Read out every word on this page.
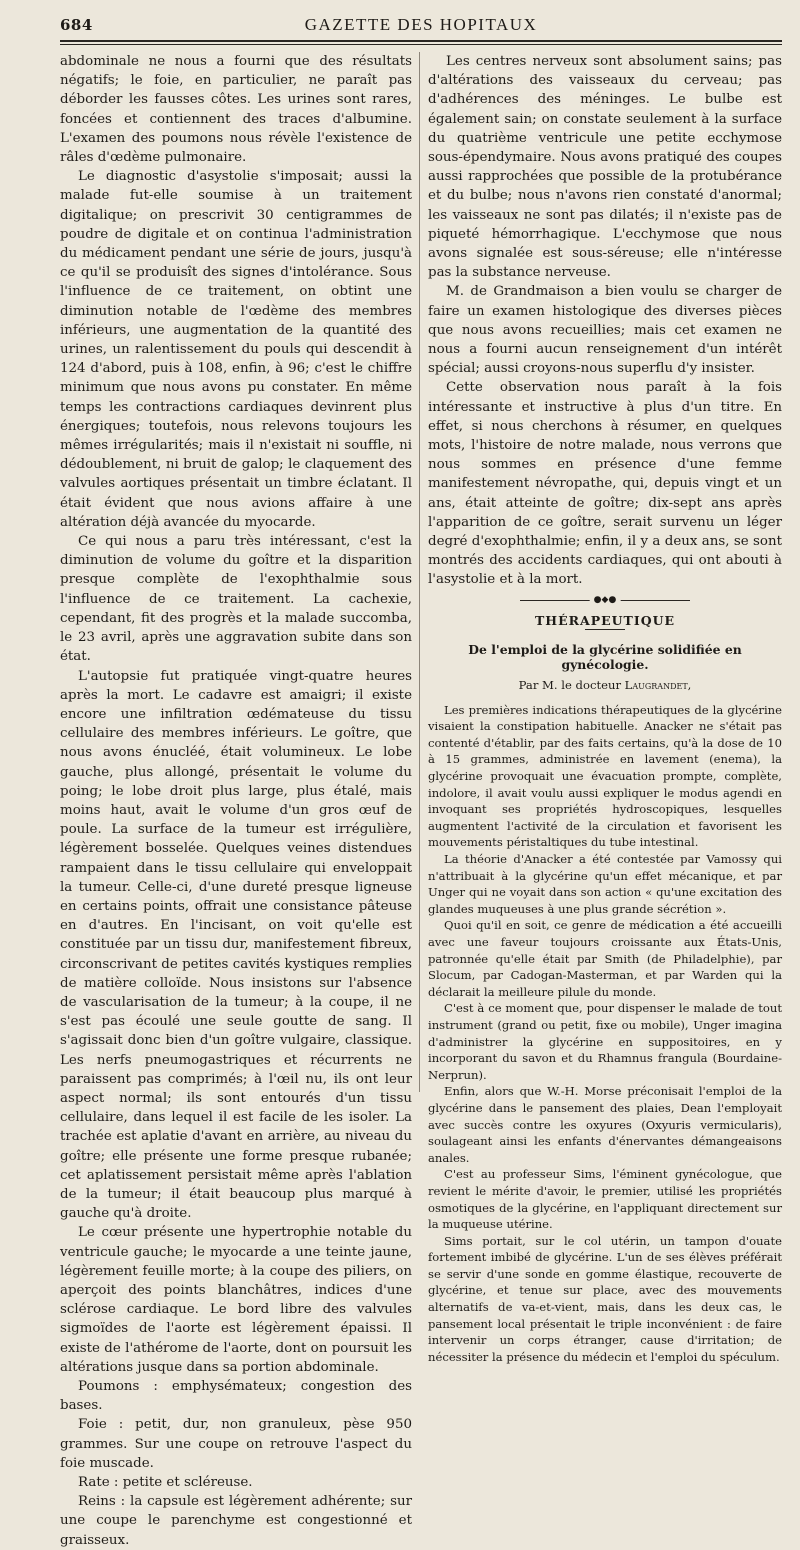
684	GAZETTE DES HOPITAUX

abdominale ne nous a fourni que des résultats négatifs; le foie, en particulier, ne paraît pas déborder les fausses côtes. Les urines sont rares, foncées et contiennent des traces d'albumine. L'examen des poumons nous révèle l'existence de râles d'œdème pulmonaire.

Le diagnostic d'asystolie s'imposait; aussi la malade fut-elle soumise à un traitement digitalique; on prescrivit 30 centigrammes de poudre de digitale et on continua l'administration du médicament pendant une série de jours, jusqu'à ce qu'il se produisît des signes d'intolérance. Sous l'influence de ce traitement, on obtint une diminution notable de l'œdème des membres inférieurs, une augmentation de la quantité des urines, un ralentissement du pouls qui descendit à 124 d'abord, puis à 108, enfin, à 96; c'est le chiffre minimum que nous avons pu constater. En même temps les contractions cardiaques devinrent plus énergiques; toutefois, nous relevons toujours les mêmes irrégularités; mais il n'existait ni souffle, ni dédoublement, ni bruit de galop; le claquement des valvules aortiques présentait un timbre éclatant. Il était évident que nous avions affaire à une altération déjà avancée du myocarde.

Ce qui nous a paru très intéressant, c'est la diminution de volume du goître et la disparition presque complète de l'exophthalmie sous l'influence de ce traitement. La cachexie, cependant, fit des progrès et la malade succomba, le 23 avril, après une aggravation subite dans son état.

L'autopsie fut pratiquée vingt-quatre heures après la mort. Le cadavre est amaigri; il existe encore une infiltration œdémateuse du tissu cellulaire des membres inférieurs. Le goître, que nous avons énucléé, était volumineux. Le lobe gauche, plus allongé, présentait le volume du poing; le lobe droit plus large, plus étalé, mais moins haut, avait le volume d'un gros œuf de poule. La surface de la tumeur est irrégulière, légèrement bosselée. Quelques veines distendues rampaient dans le tissu cellulaire qui enveloppait la tumeur. Celle-ci, d'une dureté presque ligneuse en certains points, offrait une consistance pâteuse en d'autres. En l'incisant, on voit qu'elle est constituée par un tissu dur, manifestement fibreux, circonscrivant de petites cavités kystiques remplies de matière colloïde. Nous insistons sur l'absence de vascularisation de la tumeur; à la coupe, il ne s'est pas écoulé une seule goutte de sang. Il s'agissait donc bien d'un goître vulgaire, classique. Les nerfs pneumogastriques et récurrents ne paraissent pas comprimés; à l'œil nu, ils ont leur aspect normal; ils sont entourés d'un tissu cellulaire, dans lequel il est facile de les isoler. La trachée est aplatie d'avant en arrière, au niveau du goître; elle présente une forme presque rubanée; cet aplatissement persistait même après l'ablation de la tumeur; il était beaucoup plus marqué à gauche qu'à droite.

Le cœur présente une hypertrophie notable du ventricule gauche; le myocarde a une teinte jaune, légèrement feuille morte; à la coupe des piliers, on aperçoit des points blanchâtres, indices d'une sclérose cardiaque. Le bord libre des valvules sigmoïdes de l'aorte est légèrement épaissi. Il existe de l'athérome de l'aorte, dont on poursuit les altérations jusque dans sa portion abdominale.

Poumons : emphysémateux; congestion des bases.

Foie : petit, dur, non granuleux, pèse 950 grammes. Sur une coupe on retrouve l'aspect du foie muscade.

Rate : petite et scléreuse.

Reins : la capsule est légèrement adhérente; sur une coupe le parenchyme est congestionné et graisseux.

Les centres nerveux sont absolument sains; pas d'altérations des vaisseaux du cerveau; pas d'adhérences des méninges. Le bulbe est également sain; on constate seulement à la surface du quatrième ventricule une petite ecchymose sous-épendymaire. Nous avons pratiqué des coupes aussi rapprochées que possible de la protubérance et du bulbe; nous n'avons rien constaté d'anormal; les vaisseaux ne sont pas dilatés; il n'existe pas de piqueté hémorrhagique. L'ecchymose que nous avons signalée est sous-séreuse; elle n'intéresse pas la substance nerveuse.

M. de Grandmaison a bien voulu se charger de faire un examen histologique des diverses pièces que nous avons recueillies; mais cet examen ne nous a fourni aucun renseignement d'un intérêt spécial; aussi croyons-nous superflu d'y insister.

Cette observation nous paraît à la fois intéressante et instructive à plus d'un titre. En effet, si nous cherchons à résumer, en quelques mots, l'histoire de notre malade, nous verrons que nous sommes en présence d'une femme manifestement névropathe, qui, depuis vingt et un ans, était atteinte de goître; dix-sept ans après l'apparition de ce goître, serait survenu un léger degré d'exophthalmie; enfin, il y a deux ans, se sont montrés des accidents cardiaques, qui ont abouti à l'asystolie et à la mort.

●◆●
THÉRAPEUTIQUE
De l'emploi de la glycérine solidifiée en gynécologie.
Par M. le docteur Laugrandet,

Les premières indications thérapeutiques de la glycérine visaient la constipation habituelle. Anacker ne s'était pas contenté d'établir, par des faits certains, qu'à la dose de 10 à 15 grammes, administrée en lavement (enema), la glycérine provoquait une évacuation prompte, complète, indolore, il avait voulu aussi expliquer le modus agendi en invoquant ses propriétés hydroscopiques, lesquelles augmentent l'activité de la circulation et favorisent les mouvements péristaltiques du tube intestinal.

La théorie d'Anacker a été contestée par Vamossy qui n'attribuait à la glycérine qu'un effet mécanique, et par Unger qui ne voyait dans son action « qu'une excitation des glandes muqueuses à une plus grande sécrétion ».

Quoi qu'il en soit, ce genre de médication a été accueilli avec une faveur toujours croissante aux États-Unis, patronnée qu'elle était par Smith (de Philadelphie), par Slocum, par Cadogan-Masterman, et par Warden qui la déclarait la meilleure pilule du monde.

C'est à ce moment que, pour dispenser le malade de tout instrument (grand ou petit, fixe ou mobile), Unger imagina d'administrer la glycérine en suppositoires, en y incorporant du savon et du Rhamnus frangula (Bourdaine-Nerprun).

Enfin, alors que W.-H. Morse préconisait l'emploi de la glycérine dans le pansement des plaies, Dean l'employait avec succès contre les oxyures (Oxyuris vermicularis), soulageant ainsi les enfants d'énervantes démangeaisons anales.

C'est au professeur Sims, l'éminent gynécologue, que revient le mérite d'avoir, le premier, utilisé les propriétés osmotiques de la glycérine, en l'appliquant directement sur la muqueuse utérine.

Sims portait, sur le col utérin, un tampon d'ouate fortement imbibé de glycérine. L'un de ses élèves préférait se servir d'une sonde en gomme élastique, recouverte de glycérine, et tenue sur place, avec des mouvements alternatifs de va-et-vient, mais, dans les deux cas, le pansement local présentait le triple inconvénient : de faire intervenir un corps étranger, cause d'irritation; de nécessiter la présence du médecin et l'emploi du spéculum.
